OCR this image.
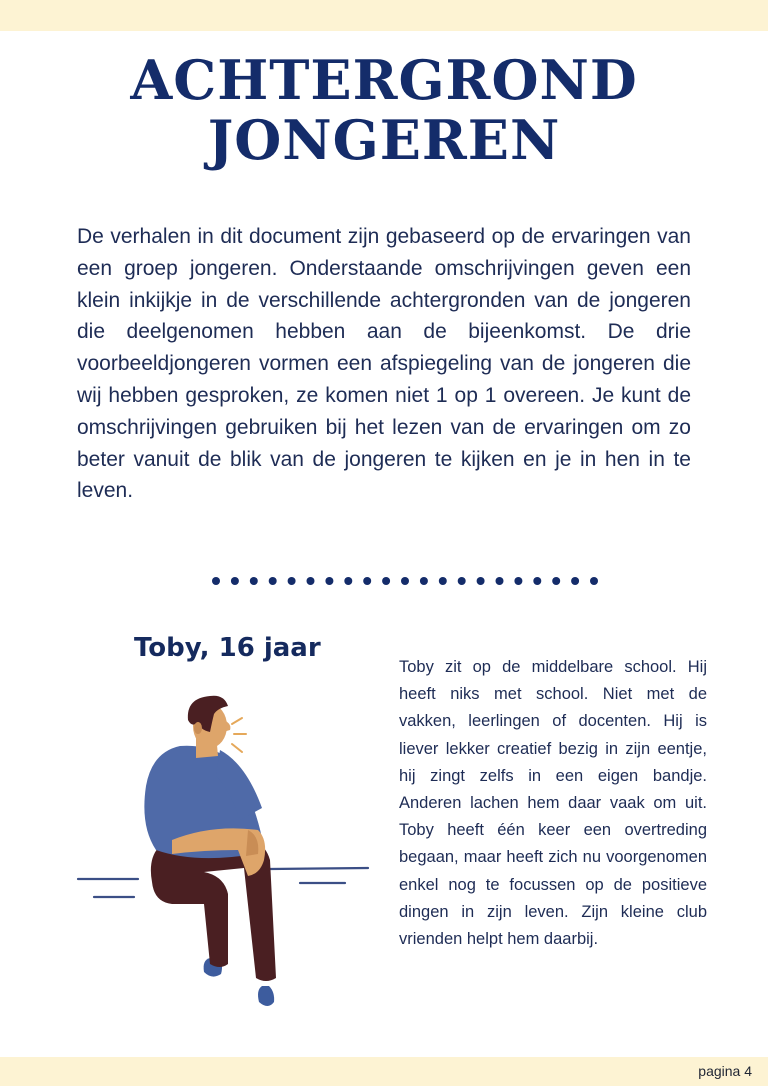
ACHTERGROND
JONGEREN

De verhalen in dit document zijn gebaseerd op de ervaringen van een groep jongeren. Onderstaande omschrijvingen geven een klein inkijkje in de verschillende achtergronden van de jongeren die deelgenomen hebben aan de bijeenkomst. De drie voorbeeldjongeren vormen een afspiegeling van de jongeren die wij hebben gesproken, ze komen niet 1 op 1 overeen. Je kunt de omschrijvingen gebruiken bij het lezen van de ervaringen om zo beter vanuit de blik van de jongeren te kijken en je in hen in te leven.

Toby, 16 jaar

Toby zit op de middelbare school. Hij heeft niks met school. Niet met de vakken, leerlingen of docenten. Hij is liever lekker creatief bezig in zijn eentje, hij zingt zelfs in een eigen bandje. Anderen lachen hem daar vaak om uit. Toby heeft één keer een overtreding begaan, maar heeft zich nu voorgenomen enkel nog te focussen op de positieve dingen in zijn leven. Zijn kleine club vrienden helpt hem daarbij.

pagina 4
